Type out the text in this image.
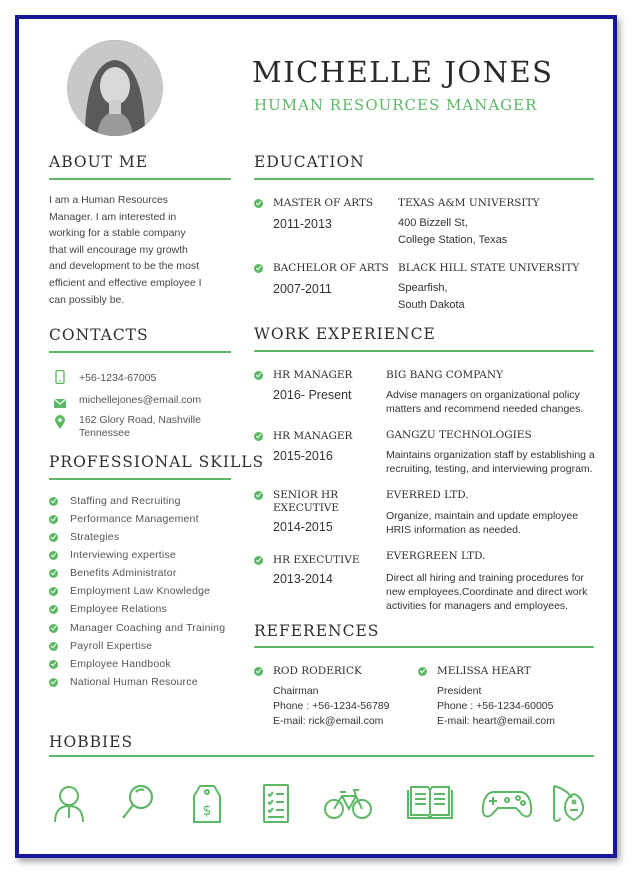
MICHELLE JONES
HUMAN RESOURCES MANAGER
ABOUT ME
I am a Human Resources
Manager. I am interested in
working for a stable company
that will encourage my growth
and development to be the most
efficient and effective employee I
can possibly be.
CONTACTS
+56-1234-67005
michellejones@email.com
162 Glory Road, Nashville
Tennessee
PROFESSIONAL SKILLS
Staffing and Recruiting
Performance Management
Strategies
Interviewing expertise
Benefits Administrator
Employment Law Knowledge
Employee Relations
Manager Coaching and Training
Payroll Expertise
Employee Handbook
National Human Resource
EDUCATION
MASTER OF ARTS
2011-2013
TEXAS A&M UNIVERSITY
400 Bizzell St,
College Station, Texas
BACHELOR OF ARTS
2007-2011
BLACK HILL STATE UNIVERSITY
Spearfish,
South Dakota
WORK EXPERIENCE
HR MANAGER
2016- Present
BIG BANG COMPANY
Advise managers on organizational policy
matters and recommend needed changes.
HR MANAGER
2015-2016
GANGZU TECHNOLOGIES
Maintains organization staff by establishing a
recruiting, testing, and interviewing program.
SENIOR HR
EXECUTIVE
2014-2015
EVERRED LTD.
Organize, maintain and update employee
HRIS information as needed.
HR EXECUTIVE
2013-2014
EVERGREEN LTD.
Direct all hiring and training procedures for
new employees.Coordinate and direct work
activities for managers and employees.
REFERENCES
ROD RODERICK
Chairman
Phone : +56-1234-56789
E-mail: rick@email.com
MELISSA HEART
President
Phone : +56-1234-60005
E-mail: heart@email.com
HOBBIES
$
